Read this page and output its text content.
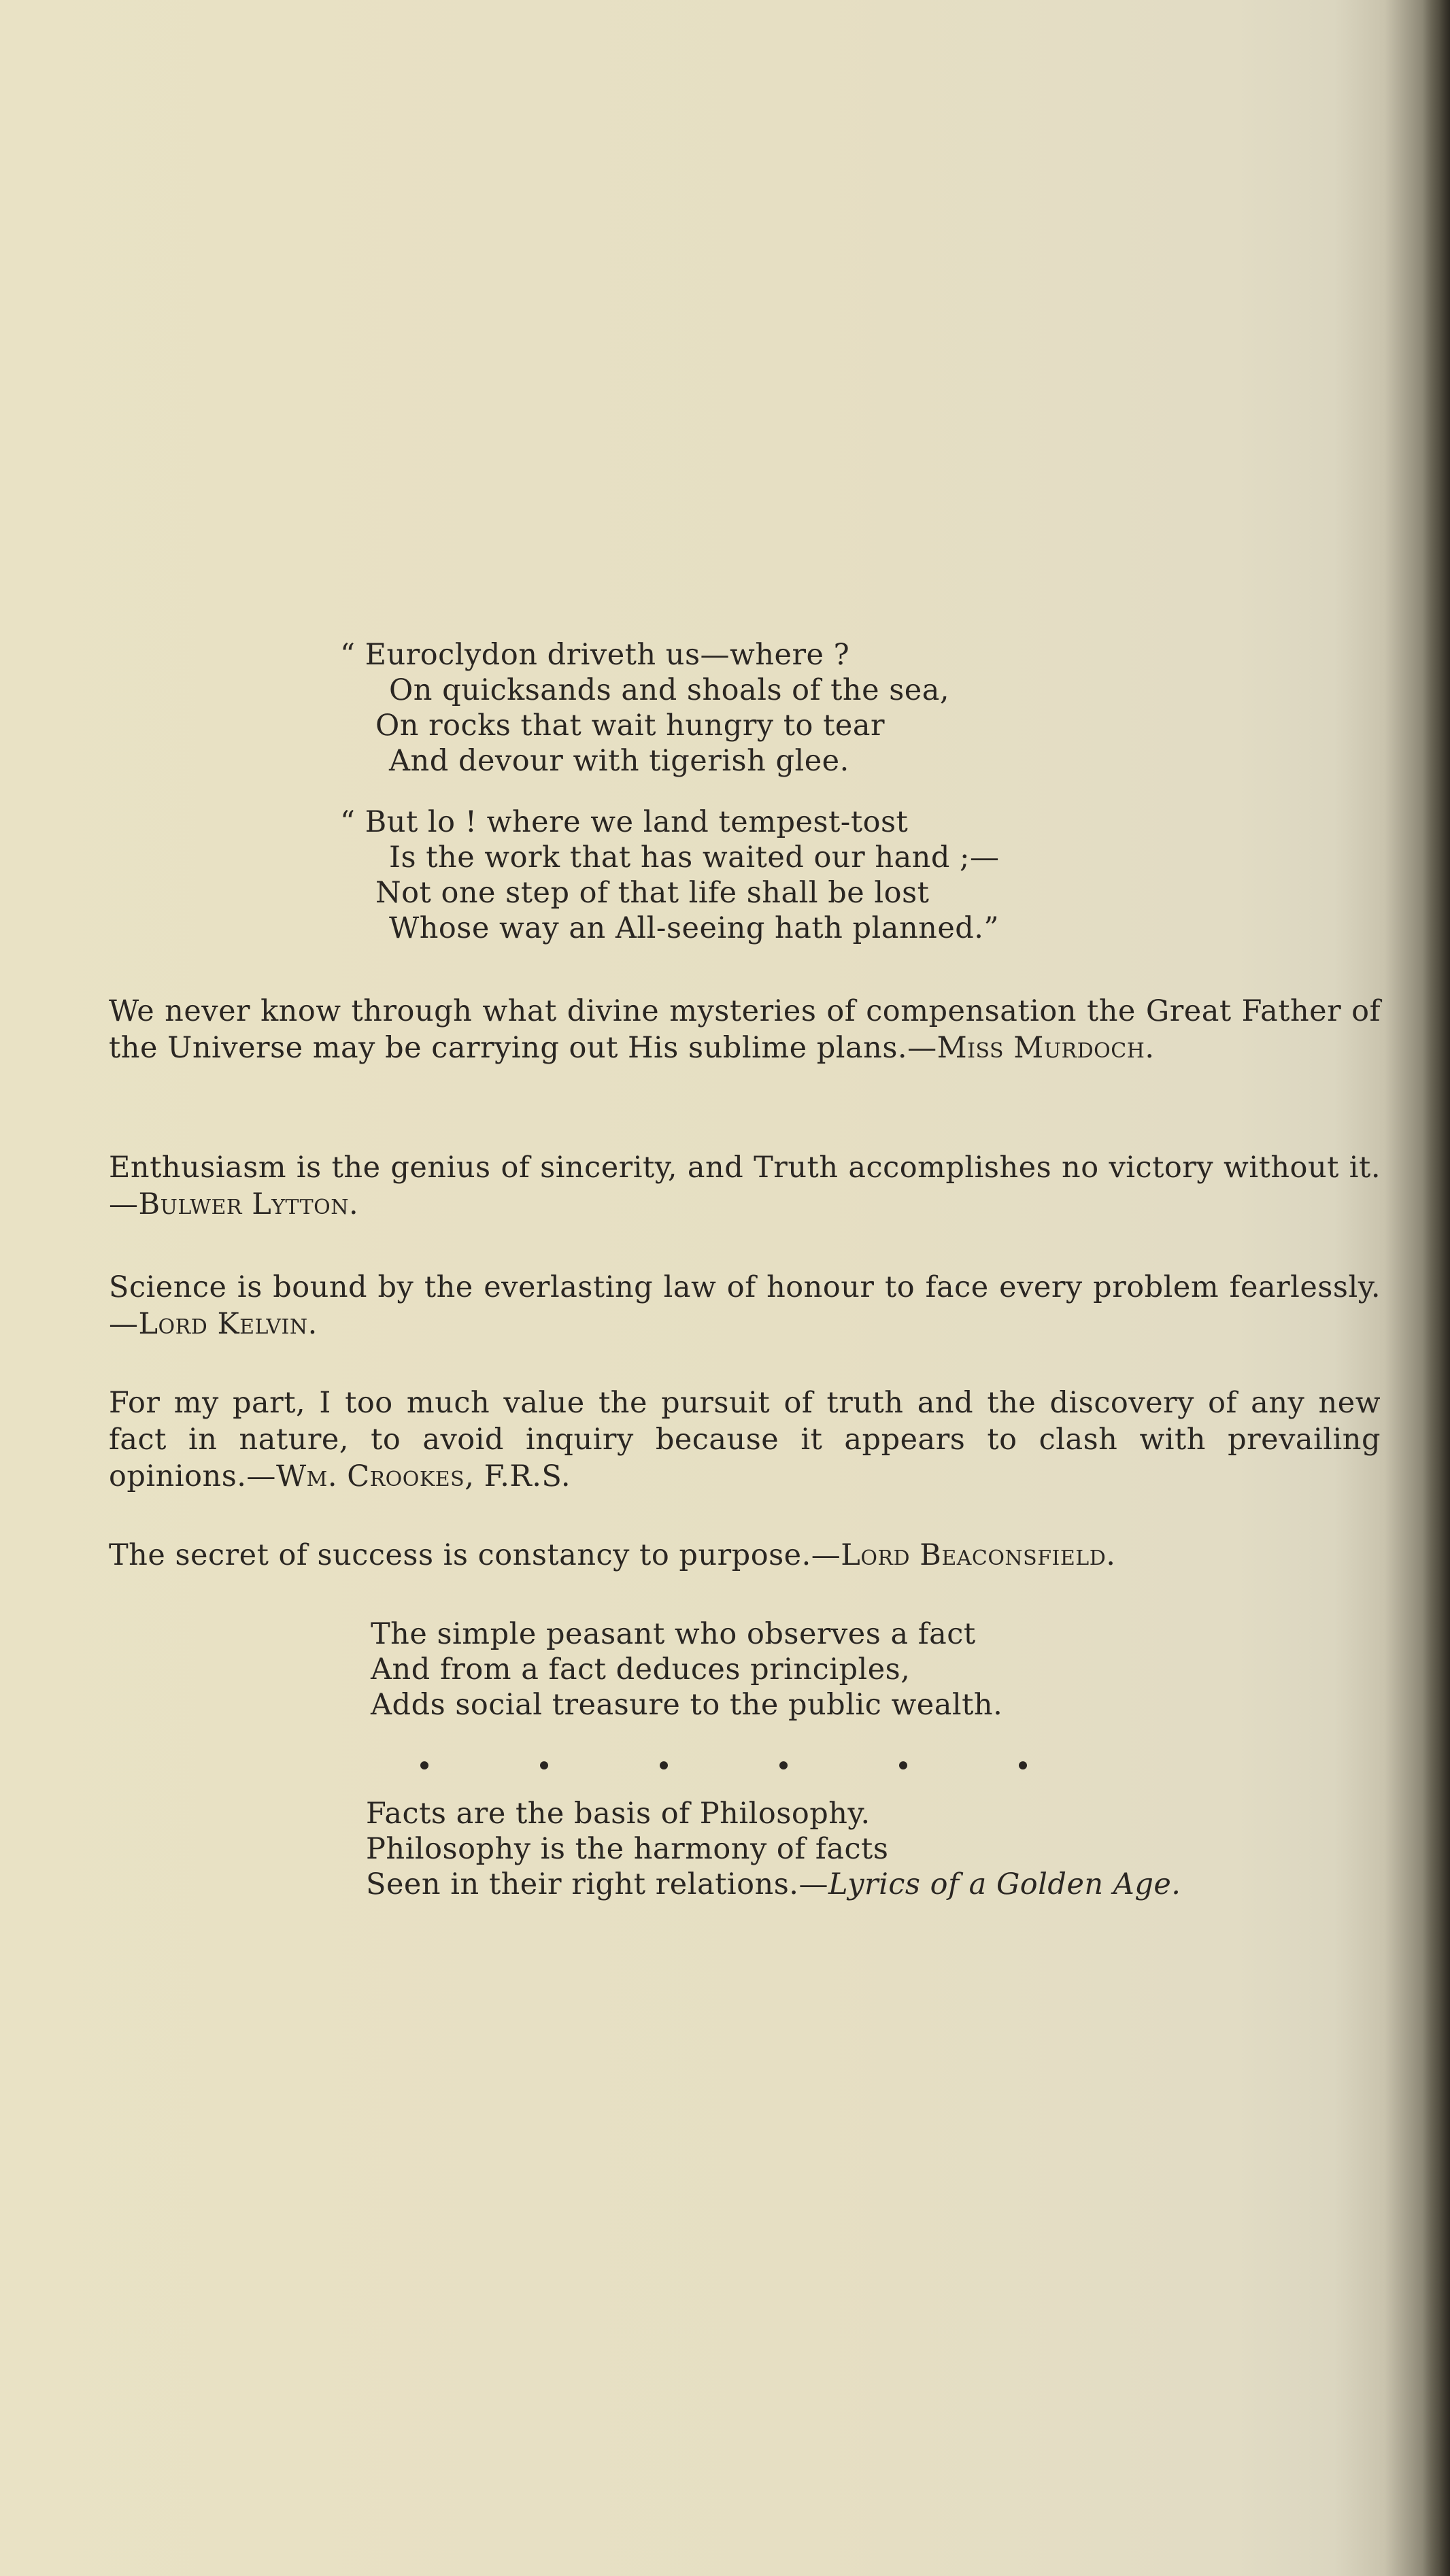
“ Euroclydon driveth us—where ?
On quicksands and shoals of the sea,
On rocks that wait hungry to tear
And devour with tigerish glee.
“ But lo ! where we land tempest-tost
Is the work that has waited our hand ;—
Not one step of that life shall be lost
Whose way an All-seeing hath planned.”
We never know through what divine mysteries of compensation the Great Father of the Universe may be carrying out His sublime plans.—Miss Murdoch.
Enthusiasm is the genius of sincerity, and Truth accomplishes no victory without it.—Bulwer Lytton.
Science is bound by the everlasting law of honour to face every problem fearlessly.—Lord Kelvin.
For my part, I too much value the pursuit of truth and the discovery of any new fact in nature, to avoid inquiry because it appears to clash with prevailing opinions.—Wm. Crookes, F.R.S.
The secret of success is constancy to purpose.—Lord Beaconsfield.
The simple peasant who observes a fact
And from a fact deduces principles,
Adds social treasure to the public wealth.
Facts are the basis of Philosophy.
Philosophy is the harmony of facts
Seen in their right relations.—Lyrics of a Golden Age.
